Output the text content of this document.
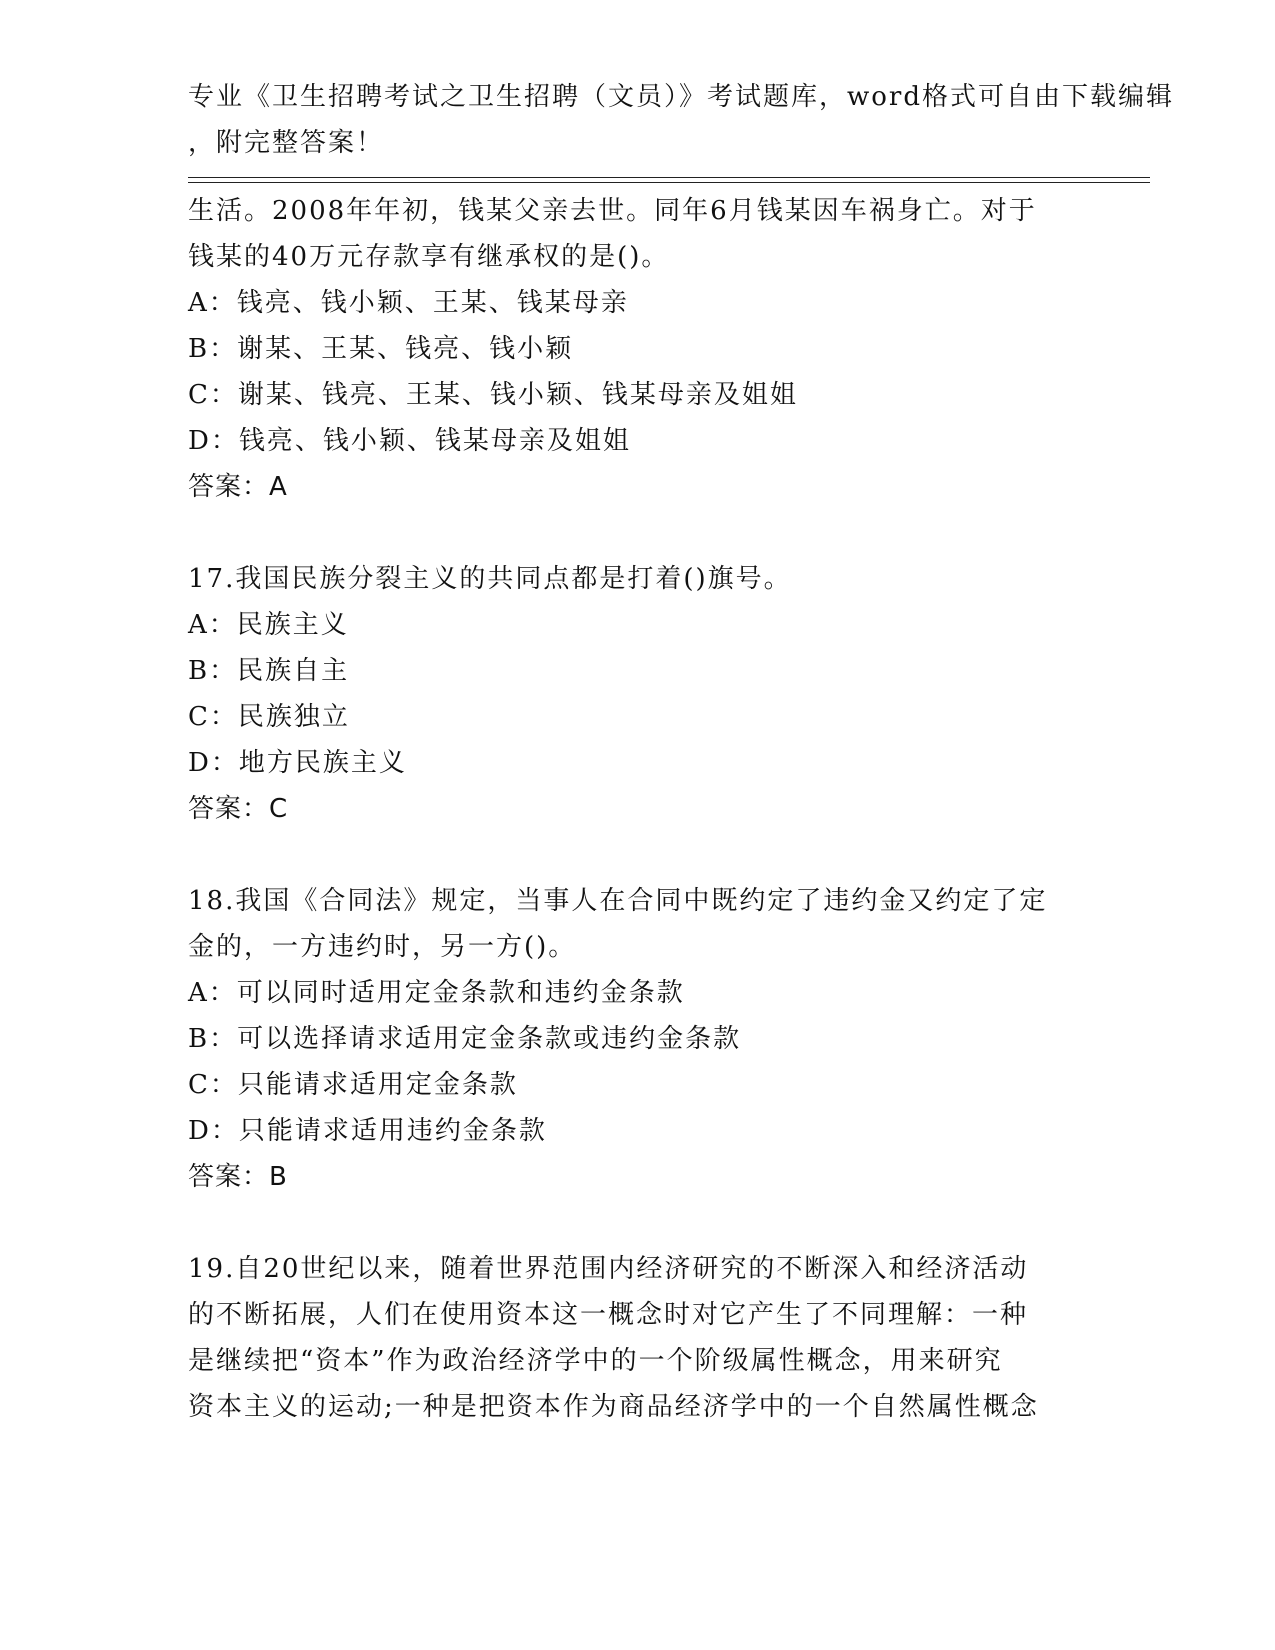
专业《卫生招聘考试之卫生招聘（文员）》考试题库，word格式可自由下载编辑
，附完整答案！
生活。2008年年初，钱某父亲去世。同年6月钱某因车祸身亡。对于
钱某的40万元存款享有继承权的是()。
A：钱亮、钱小颖、王某、钱某母亲
B：谢某、王某、钱亮、钱小颖
C：谢某、钱亮、王某、钱小颖、钱某母亲及姐姐
D：钱亮、钱小颖、钱某母亲及姐姐
答案：A
17.我国民族分裂主义的共同点都是打着()旗号。
A：民族主义
B：民族自主
C：民族独立
D：地方民族主义
答案：C
18.我国《合同法》规定，当事人在合同中既约定了违约金又约定了定
金的，一方违约时，另一方()。
A：可以同时适用定金条款和违约金条款
B：可以选择请求适用定金条款或违约金条款
C：只能请求适用定金条款
D：只能请求适用违约金条款
答案：B
19.自20世纪以来，随着世界范围内经济研究的不断深入和经济活动
的不断拓展，人们在使用资本这一概念时对它产生了不同理解：一种
是继续把“资本”作为政治经济学中的一个阶级属性概念，用来研究
资本主义的运动;一种是把资本作为商品经济学中的一个自然属性概念
